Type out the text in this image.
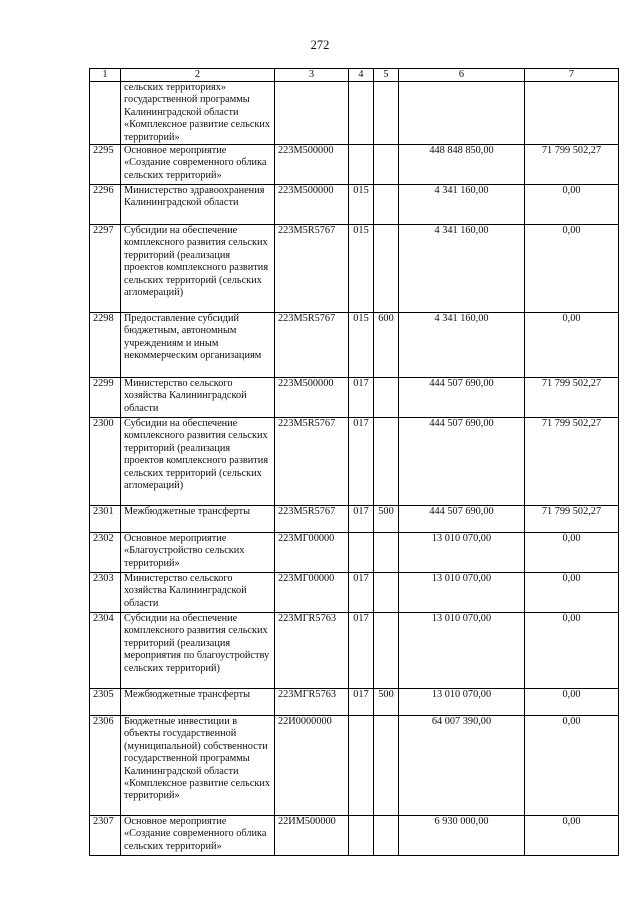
272
1	2	3	4	5	6	7
	сельских территориях» государственной программы Калининградской области «Комплексное развитие сельских территорий»					
2295	Основное мероприятие «Создание современного облика сельских территорий»	223M500000			448 848 850,00	71 799 502,27
2296	Министерство здравоохранения Калининградской области	223M500000	015		4 341 160,00	0,00
2297	Субсидии на обеспечение комплексного развития сельских территорий (реализация проектов комплексного развития сельских территорий (сельских агломераций)	223M5R5767	015		4 341 160,00	0,00
2298	Предоставление субсидий бюджетным, автономным учреждениям и иным некоммерческим организациям	223M5R5767	015	600	4 341 160,00	0,00
2299	Министерство сельского хозяйства Калининградской области	223M500000	017		444 507 690,00	71 799 502,27
2300	Субсидии на обеспечение комплексного развития сельских территорий (реализация проектов комплексного развития сельских территорий (сельских агломераций)	223M5R5767	017		444 507 690,00	71 799 502,27
2301	Межбюджетные трансферты	223M5R5767	017	500	444 507 690,00	71 799 502,27
2302	Основное мероприятие «Благоустройство сельских территорий»	223MГ00000			13 010 070,00	0,00
2303	Министерство сельского хозяйства Калининградской области	223MГ00000	017		13 010 070,00	0,00
2304	Субсидии на обеспечение комплексного развития сельских территорий (реализация мероприятия по благоустройству сельских территорий)	223MГR5763	017		13 010 070,00	0,00
2305	Межбюджетные трансферты	223MГR5763	017	500	13 010 070,00	0,00
2306	Бюджетные инвестиции в объекты государственной (муниципальной) собственности государственной программы Калининградской области «Комплексное развитие сельских территорий»	22И0000000			64 007 390,00	0,00
2307	Основное мероприятие «Создание современного облика сельских территорий»	22ИM500000			6 930 000,00	0,00
